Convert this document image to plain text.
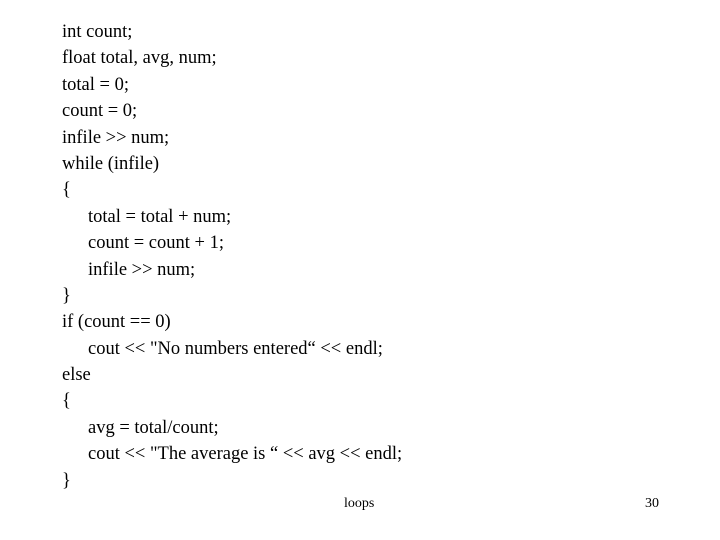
int count;
float total, avg, num;
total = 0;
count = 0;
infile >> num;
while (infile)
{
total = total + num;
count = count + 1;
infile >> num;
}
if (count == 0)
cout << "No numbers entered“ << endl;
else
{
avg = total/count;
cout << "The average is “ << avg << endl;
}
loops	30
